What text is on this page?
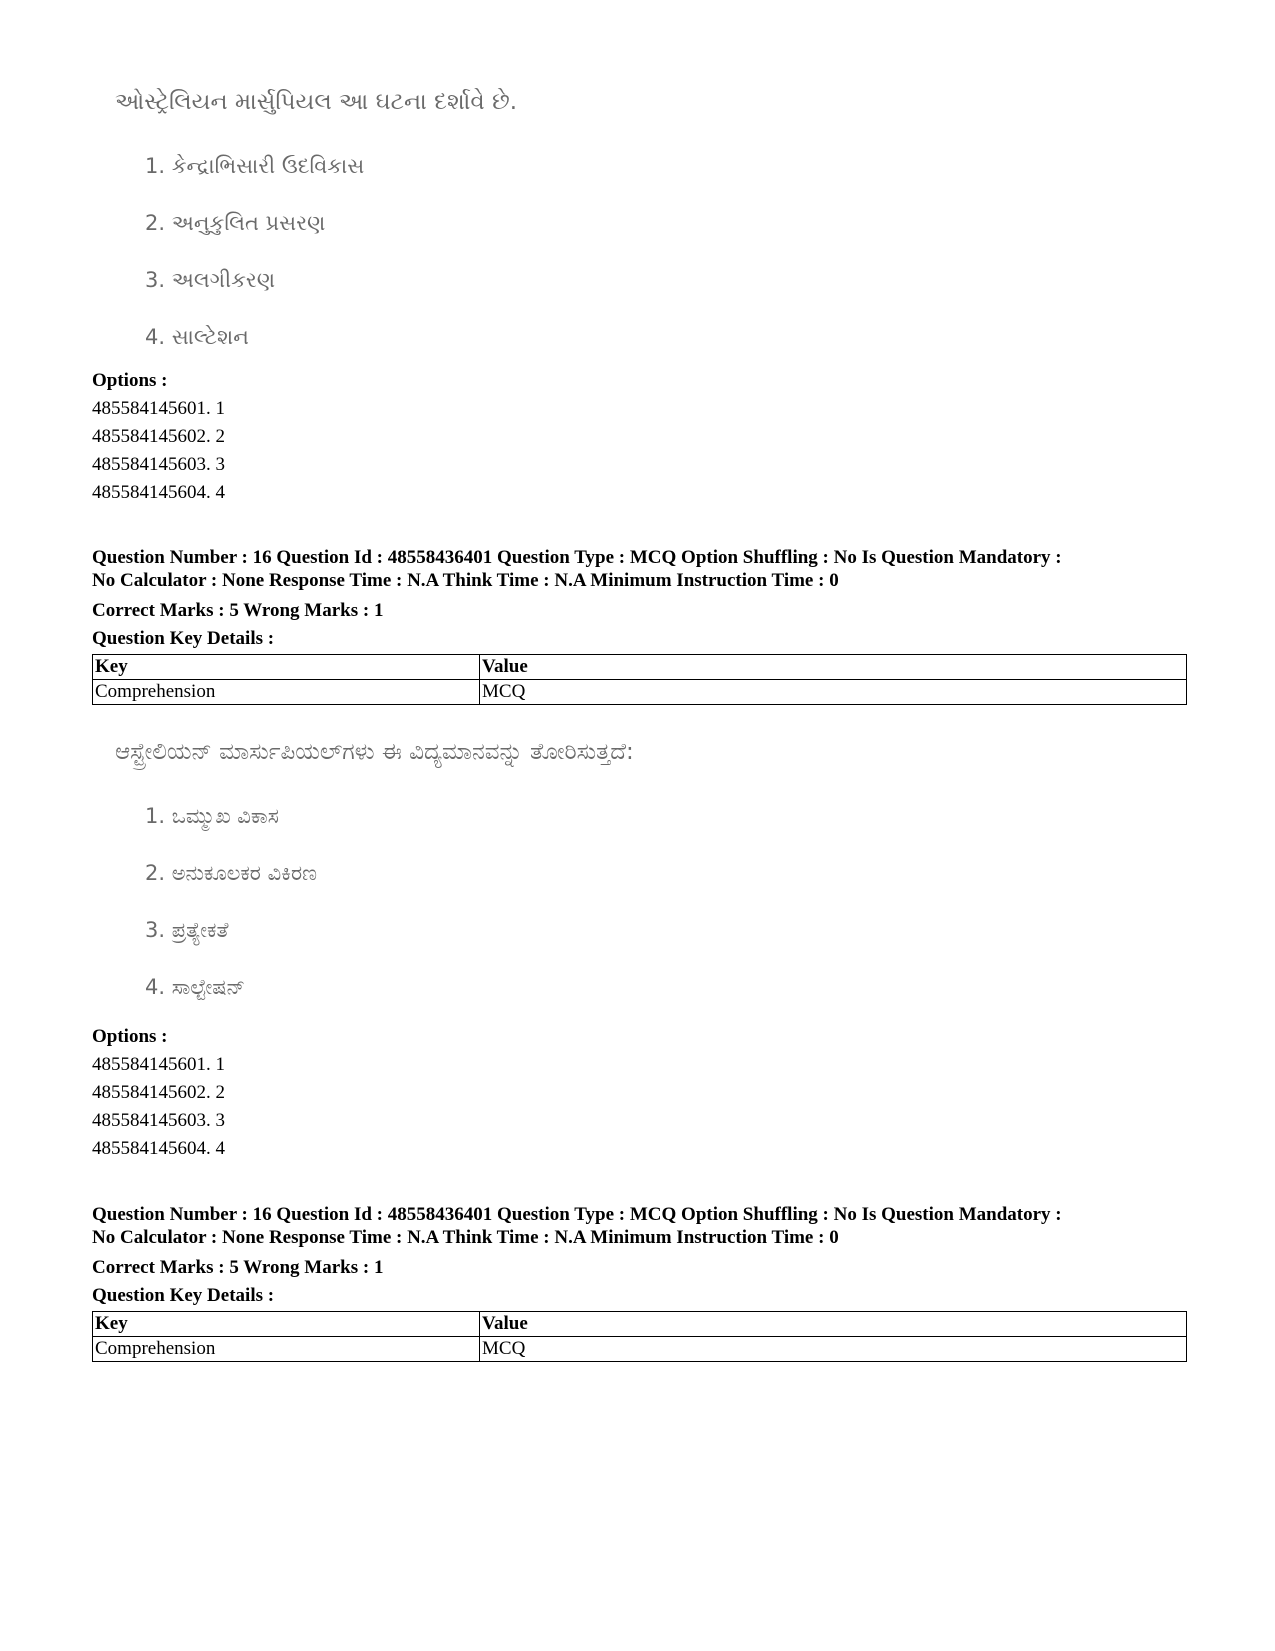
ઓસ્ટ્રેલિયન માર્સુપિયલ આ ઘટના દર્શાવે છે.
1. કેન્દ્રાભિસારી ઉદવિકાસ
2. અનુકુલિત પ્રસરણ
3. અલગીકરણ
4. સાલ્ટેશન
Options :
485584145601. 1
485584145602. 2
485584145603. 3
485584145604. 4
Question Number : 16 Question Id : 48558436401 Question Type : MCQ Option Shuffling : No Is Question Mandatory :
No Calculator : None Response Time : N.A Think Time : N.A Minimum Instruction Time : 0
Correct Marks : 5 Wrong Marks : 1
Question Key Details :
Key	Value
Comprehension	MCQ
ಆಸ್ಟ್ರೇಲಿಯನ್ ಮಾರ್ಸುಪಿಯಲ್‌ಗಳು ಈ ವಿದ್ಯಮಾನವನ್ನು ತೋರಿಸುತ್ತದೆ:
1. ಒಮ್ಮುಖ ವಿಕಾಸ
2. ಅನುಕೂಲಕರ ವಿಕಿರಣ
3. ಪ್ರತ್ಯೇಕತೆ
4. ಸಾಲ್ಟೇಷನ್
Options :
485584145601. 1
485584145602. 2
485584145603. 3
485584145604. 4
Question Number : 16 Question Id : 48558436401 Question Type : MCQ Option Shuffling : No Is Question Mandatory :
No Calculator : None Response Time : N.A Think Time : N.A Minimum Instruction Time : 0
Correct Marks : 5 Wrong Marks : 1
Question Key Details :
Key	Value
Comprehension	MCQ
